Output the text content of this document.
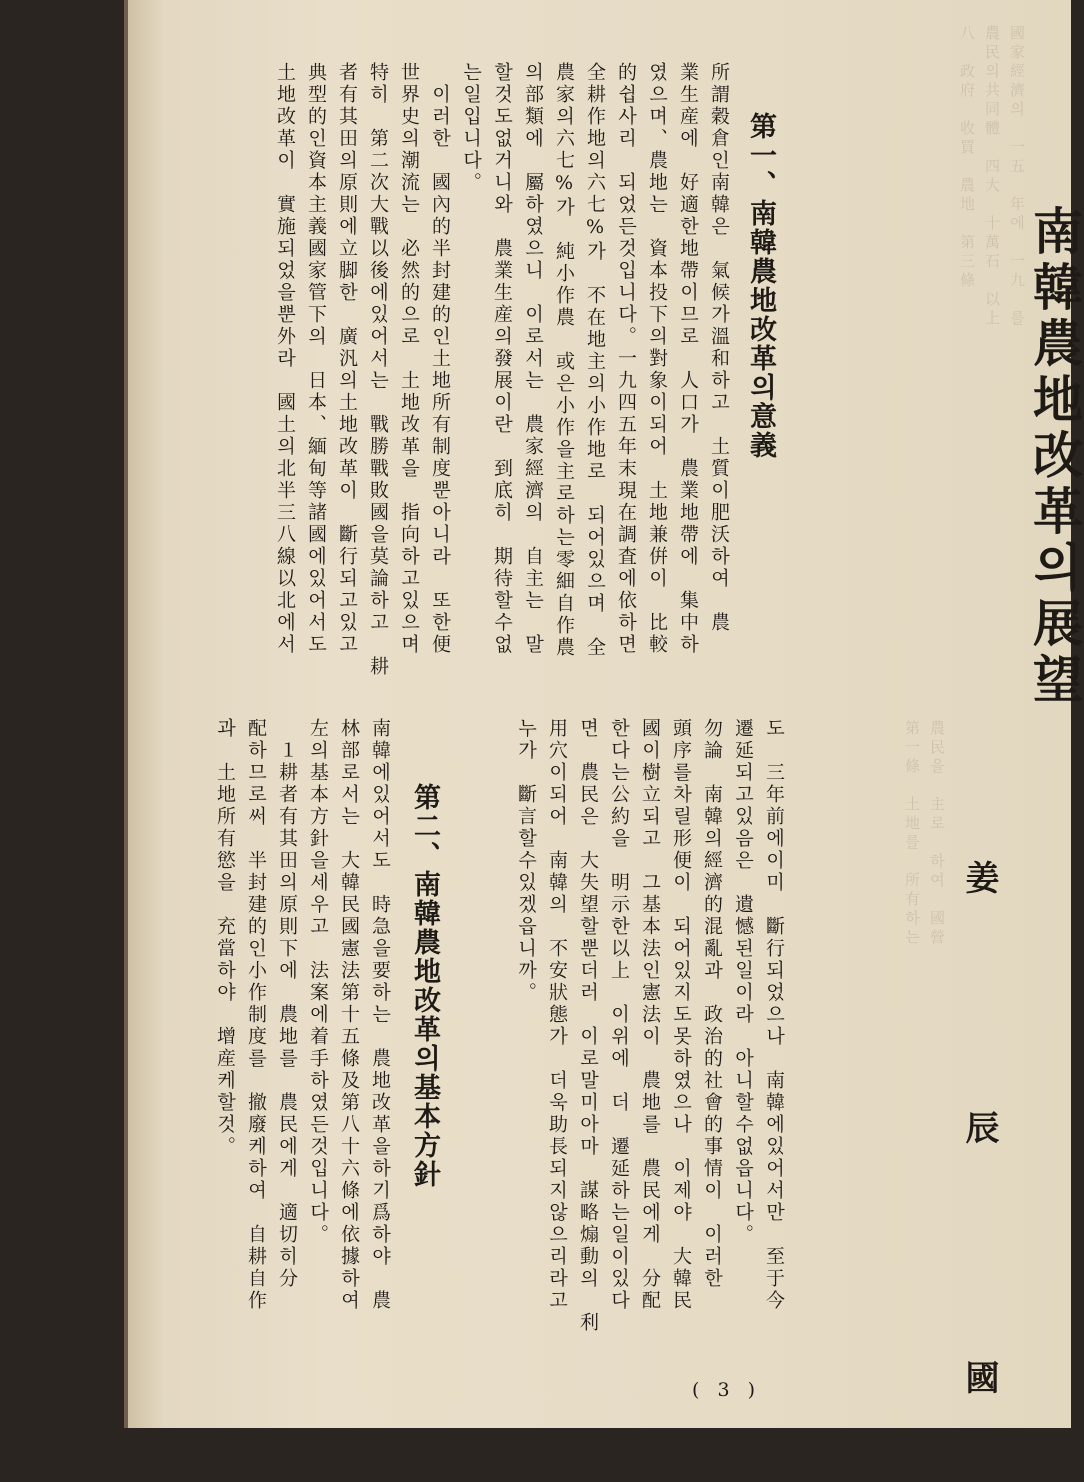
國家經濟의　一五　年에　一九　를
農民의共同體　四大　十萬石　以上
八　政府　收買　農地　第三條
農民을　主로　하여　國營
第一條　土地를　所有하는
南韓農地改革의展望
姜 辰 國
第一、南韓農地改革의意義
所謂穀倉인南韓은　氣候가溫和하고　土質이肥沃하여　農
業生産에　好適한地帶이므로　人口가　農業地帶에　集中하
였으며、農地는　資本投下의對象이되어　土地兼倂이　比較
的쉽사리　되었든것입니다。一九四五年末現在調査에依하면
全耕作地의六七%가　不在地主의小作地로　되어있으며　全
農家의六七%가　純小作農　或은小作을主로하는零細自作農
의部類에　屬하였으니　이로서는　農家經濟의　自主는　말
할것도없거니와　農業生産의發展이란　到底히　期待할수없
는일입니다。
　이러한　國內的半封建的인土地所有制度뿐아니라　또한便
世界史의潮流는　必然的으로　土地改革을　指向하고있으며
特히　第二次大戰以後에있어서는　戰勝戰敗國을莫論하고　耕
者有其田의原則에立脚한　廣汎의土地改革이　斷行되고있고
典型的인資本主義國家管下의　日本、緬甸等諸國에있어서도
土地改革이　實施되었을뿐外라　國土의北半三八線以北에서
도　三年前에이미　斷行되었으나　南韓에있어서만　至于今
遷延되고있음은　遺憾된일이라　아니할수없읍니다。
勿論　南韓의經濟的混亂과　政治的社會的事情이　이러한
頭序를차릴形便이　되어있지도못하였으나　이제야　大韓民
國이樹立되고　그基本法인憲法이　農地를　農民에게　分配
한다는公約을　明示한以上　이위에　더　遷延하는일이있다
면　農民은　大失望할뿐더러　이로말미아마　謀略煽動의　利
用穴이되어　南韓의　不安狀態가　더욱助長되지않으리라고
누가　斷言할수있겠읍니까。
第二、南韓農地改革의基本方針
南韓에있어서도　時急을要하는　農地改革을하기爲하야　農
林部로서는　大韓民國憲法第十五條及第八十六條에依據하여
左의基本方針을세우고　法案에着手하였든것입니다。
　１耕者有其田의原則下에　農地를　農民에게　適切히分
配하므로써　半封建的인小作制度를　撤廢케하여　自耕自作
과　土地所有慾을　充當하야　增産케할것。
( 3 )
